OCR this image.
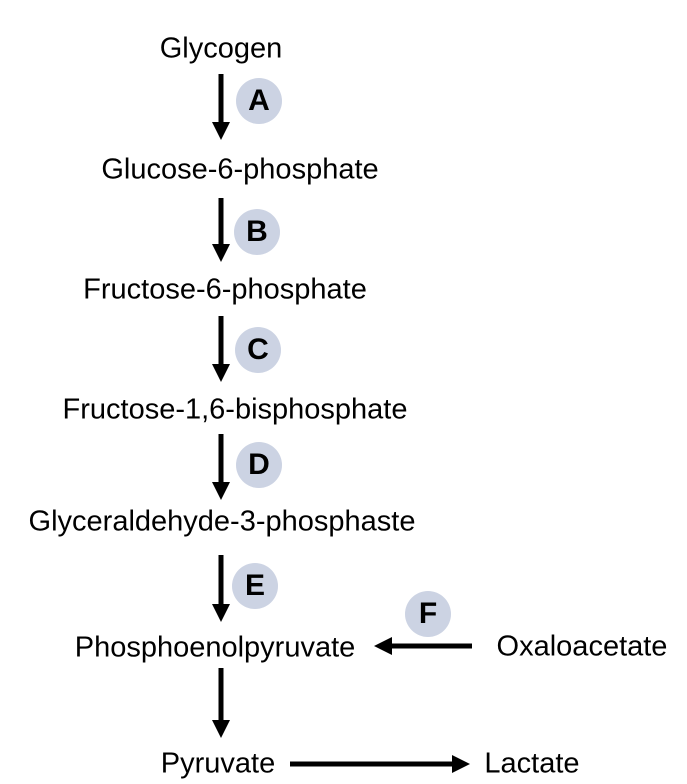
Glycogen
Glucose-6-phosphate
Fructose-6-phosphate
Fructose-1,6-bisphosphate
Glyceraldehyde-3-phosphaste
Phosphoenolpyruvate	Oxaloacetate
Pyruvate	Lactate
A
B
C
D
E
F
